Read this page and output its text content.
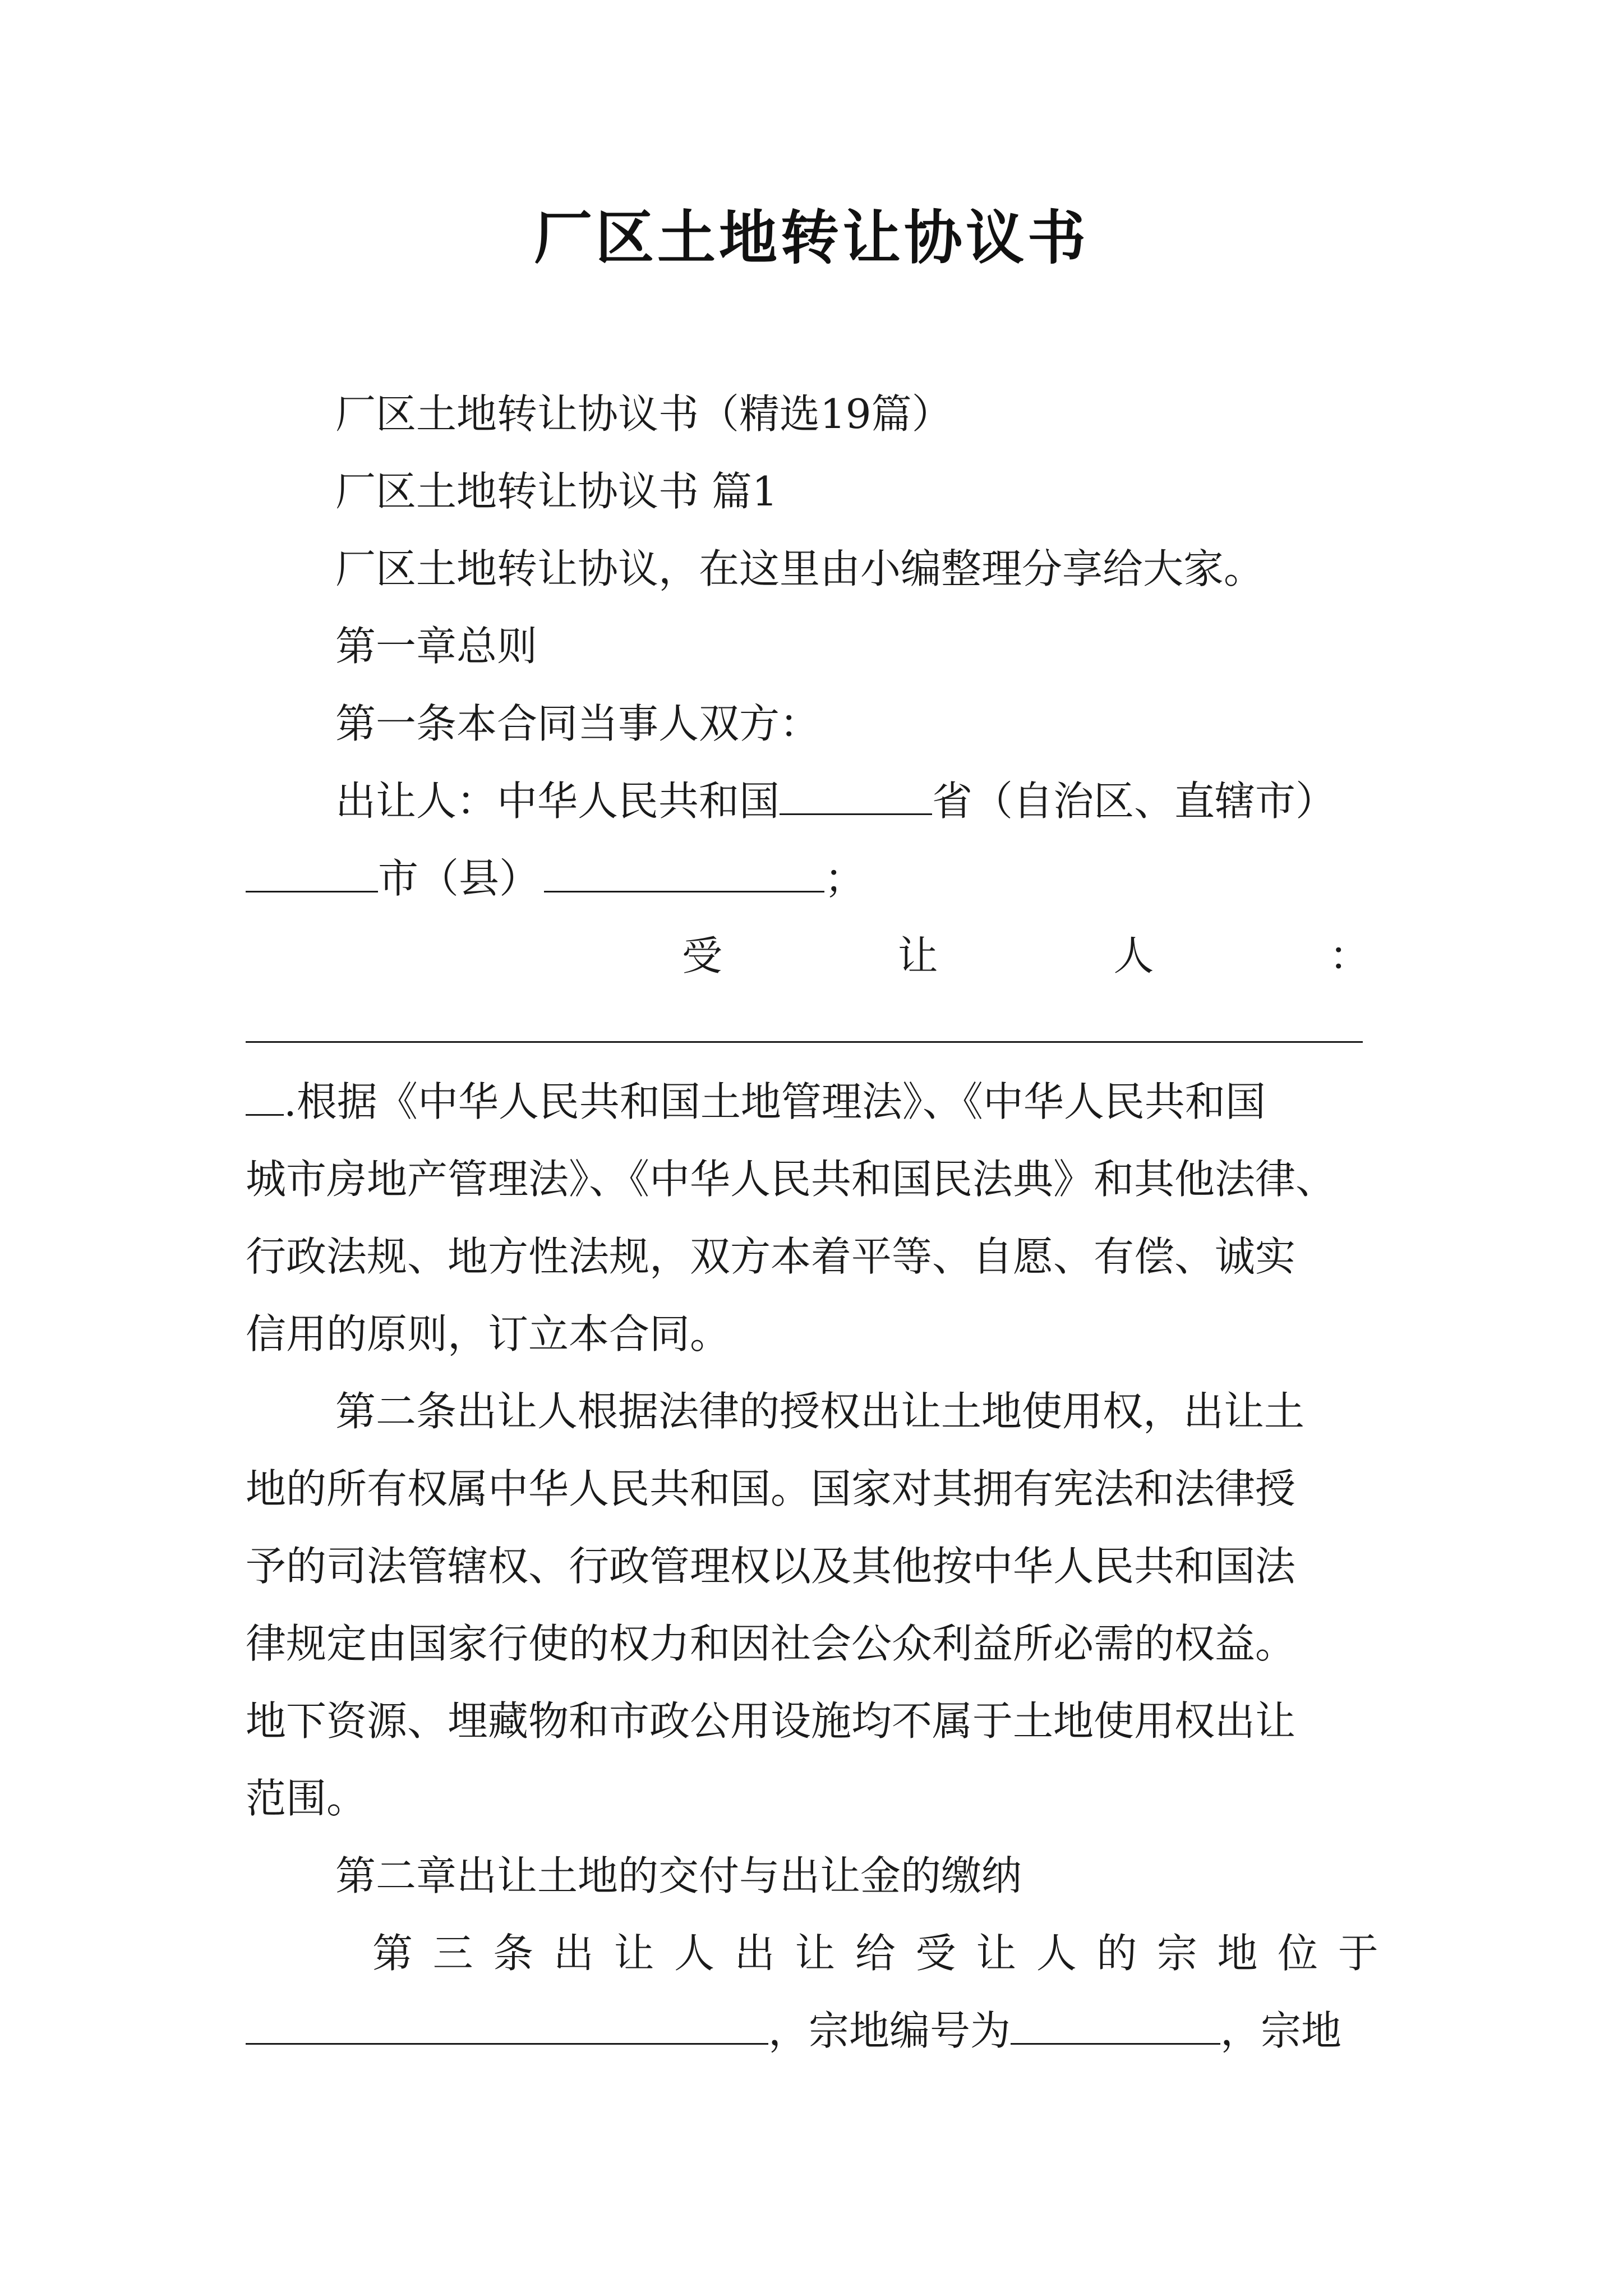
厂区土地转让协议书
厂区土地转让协议书（精选19篇）
厂区土地转让协议书 篇1
厂区土地转让协议，在这里由小编整理分享给大家。
第一章总则
第一条本合同当事人双方：
出让人：中华人民共和国	省（自治区、直辖市）
市（县）	；
受	让	人	：
.根据《中华人民共和国土地管理法》、《中华人民共和国
城市房地产管理法》、《中华人民共和国民法典》和其他法律、
行政法规、地方性法规，双方本着平等、自愿、有偿、诚实
信用的原则，订立本合同。
第二条出让人根据法律的授权出让土地使用权，出让土
地的所有权属中华人民共和国。国家对其拥有宪法和法律授
予的司法管辖权、行政管理权以及其他按中华人民共和国法
律规定由国家行使的权力和因社会公众利益所必需的权益。
地下资源、埋藏物和市政公用设施均不属于土地使用权出让
范围。
第二章出让土地的交付与出让金的缴纳
第 三 条 出 让 人 出 让 给 受 让 人 的 宗 地 位 于
，宗地编号为	，宗地
